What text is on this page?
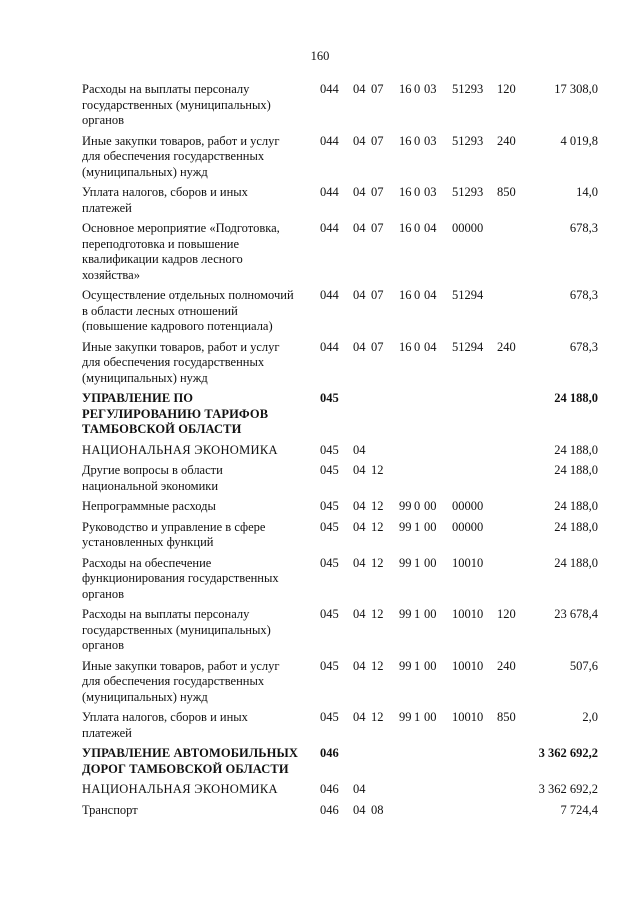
160
Расходы на выплаты персоналу государственных (муниципальных) органов
044 04 07 16 0 03 51293 120	17 308,0
Иные закупки товаров, работ и услуг для обеспечения государственных (муниципальных) нужд
044 04 07 16 0 03 51293 240	4 019,8
Уплата налогов, сборов и иных платежей
044 04 07 16 0 03 51293 850	14,0
Основное мероприятие «Подготовка, переподготовка и повышение квалификации кадров лесного хозяйства»
044 04 07 16 0 04 00000	678,3
Осуществление отдельных полномочий в области лесных отношений (повышение кадрового потенциала)
044 04 07 16 0 04 51294	678,3
Иные закупки товаров, работ и услуг для обеспечения государственных (муниципальных) нужд
044 04 07 16 0 04 51294 240	678,3
УПРАВЛЕНИЕ ПО РЕГУЛИРОВАНИЮ ТАРИФОВ ТАМБОВСКОЙ ОБЛАСТИ
045	24 188,0
НАЦИОНАЛЬНАЯ ЭКОНОМИКА	045 04	24 188,0
Другие вопросы в области национальной экономики
045 04 12	24 188,0
Непрограммные расходы	045 04 12 99 0 00 00000	24 188,0
Руководство и управление в сфере установленных функций
045 04 12 99 1 00 00000	24 188,0
Расходы на обеспечение функционирования государственных органов
045 04 12 99 1 00 10010	24 188,0
Расходы на выплаты персоналу государственных (муниципальных) органов
045 04 12 99 1 00 10010 120	23 678,4
Иные закупки товаров, работ и услуг для обеспечения государственных (муниципальных) нужд
045 04 12 99 1 00 10010 240	507,6
Уплата налогов, сборов и иных платежей
045 04 12 99 1 00 10010 850	2,0
УПРАВЛЕНИЕ АВТОМОБИЛЬНЫХ ДОРОГ ТАМБОВСКОЙ ОБЛАСТИ
046	3 362 692,2
НАЦИОНАЛЬНАЯ ЭКОНОМИКА	046 04	3 362 692,2
Транспорт	046 04 08	7 724,4
